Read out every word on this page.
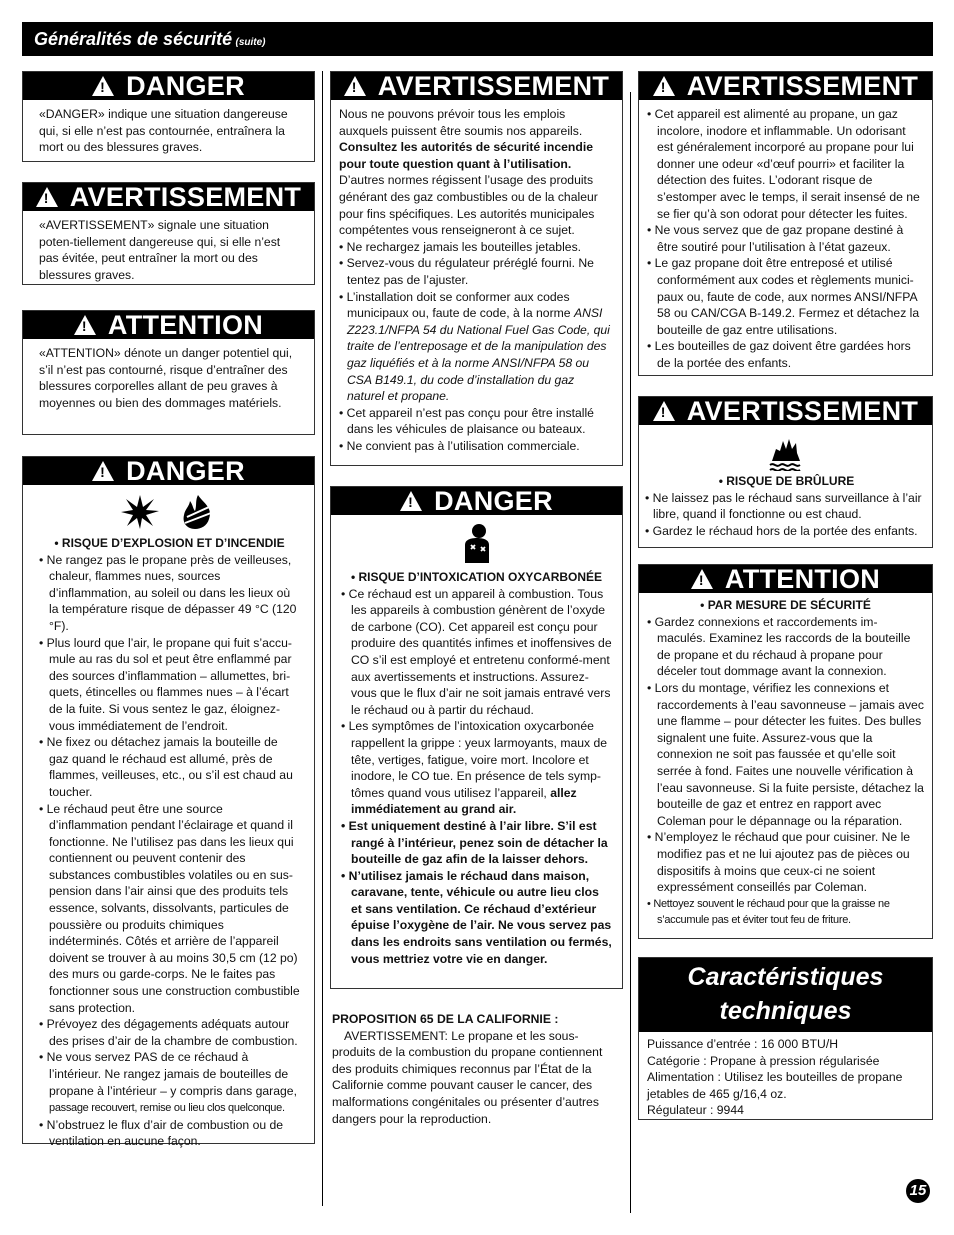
Généralités de sécurité (suite)
!
DANGER

«DANGER» indique une situation dangereuse qui, si elle n’est pas contournée, entraînera la mort ou des blessures graves.

!
AVERTISSEMENT

«AVERTISSEMENT» signale une situation poten-tiellement dangereuse qui, si elle n’est pas évitée, peut entraîner la mort ou des blessures graves.

!
ATTENTION

«ATTENTION» dénote un danger potentiel qui, s’il n’est pas contourné, risque d’entraîner des blessures corporelles allant de peu graves à moyennes ou bien des dommages matériels.

!
DANGER

• RISQUE D’EXPLOSION ET D’INCENDIE

• Ne rangez pas le propane près de veilleuses, chaleur, flammes nues, sources d’inflammation, au soleil ou dans les lieux où la température risque de dépasser 49 °C (120 °F).
• Plus lourd que l’air, le propane qui fuit s’accu-mule au ras du sol et peut être enflammé par des sources d’inflammation – allumettes, bri-quets, étincelles ou flammes nues – à l’écart de la fuite. Si vous sentez le gaz, éloignez-vous immédiatement de l’endroit.
• Ne fixez ou détachez jamais la bouteille de gaz quand le réchaud est allumé, près de flammes, veilleuses, etc., ou s’il est chaud au toucher.
• Le réchaud peut être une source d’inflammation pendant l’éclairage et quand il fonctionne. Ne l’utilisez pas dans les lieux qui contiennent ou peuvent contenir des substances combustibles volatiles ou en sus-pension dans l’air ainsi que des produits tels essence, solvants, dissolvants, particules de poussière ou produits chimiques indéterminés. Côtés et arrière de l’appareil doivent se trouver à au moins 30,5 cm (12 po) des murs ou garde-corps. Ne le faites pas fonctionner sous une construction combustible sans protection.
• Prévoyez des dégagements adéquats autour des prises d’air de la chambre de combustion.
• Ne vous servez PAS de ce réchaud à l’intérieur. Ne rangez jamais de bouteilles de propane à l’intérieur – y compris dans garage, passage recouvert, remise ou lieu clos quelconque.
• N’obstruez le flux d’air de combustion ou de ventilation en aucune façon.
!
AVERTISSEMENT

Nous ne pouvons prévoir tous les emplois auxquels puissent être soumis nos appareils. Consultez les autorités de sécurité incendie pour toute question quant à l’utilisation. D’autres normes régissent l’usage des produits générant des gaz combustibles ou de la chaleur pour fins spécifiques. Les autorités municipales compétentes vous renseigneront à ce sujet.

• Ne rechargez jamais les bouteilles jetables.
• Servez-vous du régulateur préréglé fourni. Ne tentez pas de l’ajuster.
• L’installation doit se conformer aux codes municipaux ou, faute de code, à la norme ANSI Z223.1/NFPA 54 du National Fuel Gas Code, qui traite de l’entreposage et de la manipulation des gaz liquéfiés et à la norme ANSI/NFPA 58 ou CSA B149.1, du code d’installation du gaz naturel et propane.
• Cet appareil n’est pas conçu pour être installé dans les véhicules de plaisance ou bateaux.
• Ne convient pas à l’utilisation commerciale.
!
DANGER

• RISQUE D’INTOXICATION OXYCARBONÉE

• Ce réchaud est un appareil à combustion. Tous les appareils à combustion génèrent de l’oxyde de carbone (CO). Cet appareil est conçu pour produire des quantités infimes et inoffensives de CO s’il est employé et entretenu conformé-ment aux avertissements et instructions. Assurez-vous que le flux d’air ne soit jamais entravé vers le réchaud ou à partir du réchaud.
• Les symptômes de l’intoxication oxycarbonée rappellent la grippe : yeux larmoyants, maux de tête, vertiges, fatigue, voire mort. Incolore et inodore, le CO tue. En présence de tels symp-tômes quand vous utilisez l’appareil, allez immédiatement au grand air.
• Est uniquement destiné à l’air libre. S’il est rangé à l’intérieur, penez soin de détacher la bouteille de gaz afin de la laisser dehors.
• N’utilisez jamais le réchaud dans maison, caravane, tente, véhicule ou autre lieu clos et sans ventilation. Ce réchaud d’extérieur épuise l’oxygène de l’air. Ne vous servez pas dans les endroits sans ventilation ou fermés, vous mettriez votre vie en danger.

PROPOSITION 65 DE LA CALIFORNIE :

AVERTISSEMENT: Le propane et les sous-produits de la combustion du propane contiennent des produits chimiques reconnus par l’État de la Californie comme pouvant causer le cancer, des malformations congénitales ou présenter d’autres dangers pour la reproduction.

!
AVERTISSEMENT
• Cet appareil est alimenté au propane, un gaz incolore, inodore et inflammable. Un odorisant est généralement incorporé au propane pour lui donner une odeur «d’œuf pourri» et faciliter la détection des fuites. L’odorant risque de s’estomper avec le temps, il serait insensé de ne se fier qu’à son odorat pour détecter les fuites.
• Ne vous servez que de gaz propane destiné à être soutiré pour l’utilisation à l’état gazeux.
• Le gaz propane doit être entreposé et utilisé conformément aux codes et règlements munici-paux ou, faute de code, aux normes ANSI/NFPA 58 ou CAN/CGA B-149.2. Fermez et détachez la bouteille de gaz entre utilisations.
• Les bouteilles de gaz doivent être gardées hors de la portée des enfants.
!
AVERTISSEMENT

• RISQUE DE BRÛLURE

• Ne laissez pas le réchaud sans surveillance à l’air libre, quand il fonctionne ou est chaud.
• Gardez le réchaud hors de la portée des enfants.
!
ATTENTION

• PAR MESURE DE SÉCURITÉ

• Gardez connexions et raccordements im-maculés. Examinez les raccords de la bouteille de propane et du réchaud à propane pour déceler tout dommage avant la connexion.
• Lors du montage, vérifiez les connexions et raccordements à l’eau savonneuse – jamais avec une flamme – pour détecter les fuites. Des bulles signalent une fuite. Assurez-vous que la connexion ne soit pas faussée et qu’elle soit serrée à fond. Faites une nouvelle vérification à l’eau savonneuse. Si la fuite persiste, détachez la bouteille de gaz et entrez en rapport avec Coleman pour le dépannage ou la réparation.
• N’employez le réchaud que pour cuisiner. Ne le modifiez pas et ne lui ajoutez pas de pièces ou dispositifs à moins que ceux-ci ne soient expressément conseillés par Coleman.
• Nettoyez souvent le réchaud pour que la graisse ne s’accumule pas et éviter tout feu de friture.
Caractéristiques
techniques

Puissance d’entrée : 16 000 BTU/H

Catégorie : Propane à pression régularisée

Alimentation : Utilisez les bouteilles de propane jetables de 465 g/16,4 oz.

Régulateur : 9944

15
